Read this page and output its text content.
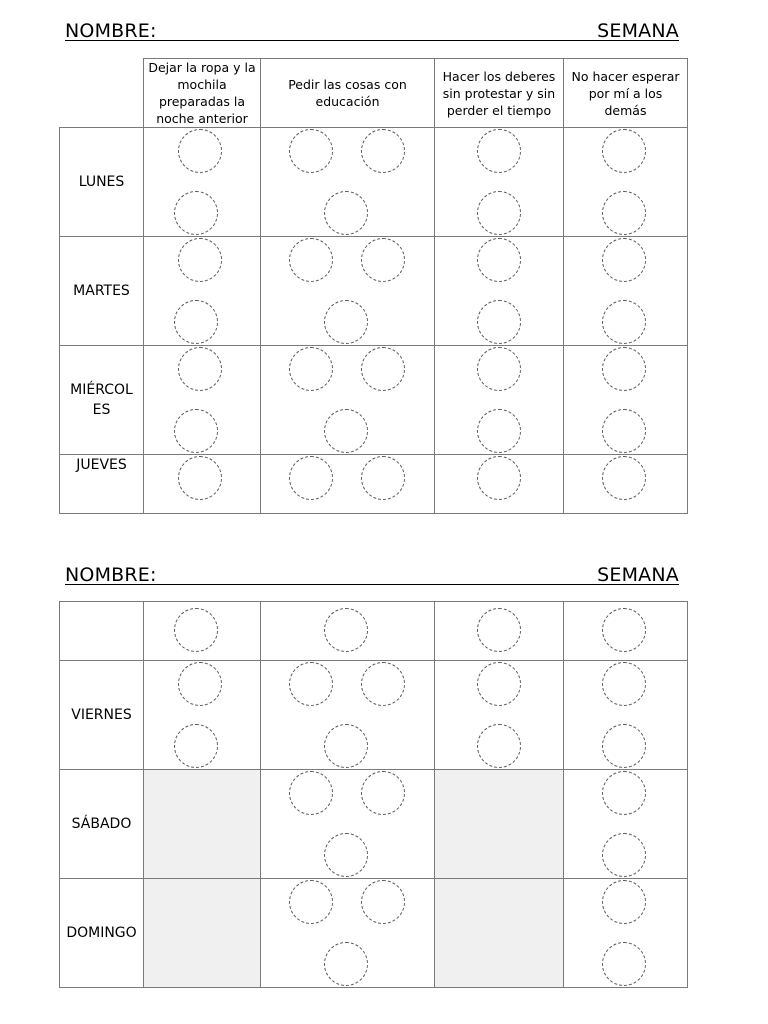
NOMBRE:	SEMANA
	Dejar la ropa y la mochila preparadas la noche anterior	Pedir las cosas con educación	Hacer los deberes sin protestar y sin perder el tiempo	No hacer esperar por mí a los demás
LUNES	

MARTES	

MIÉRCOL ES				

JUEVES	

NOMBRE:	SEMANA

VIERNES	

SÁBADO		

DOMINGO		
